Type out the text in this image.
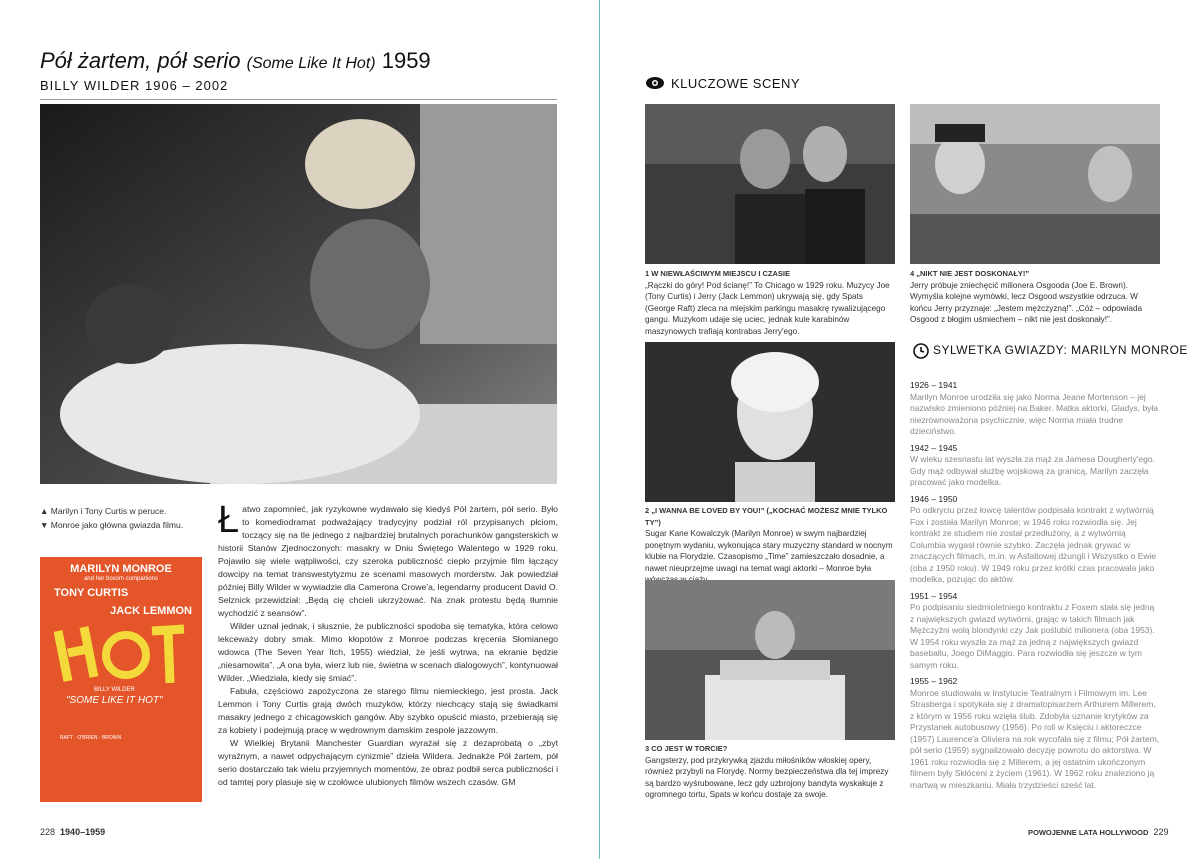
Pół żartem, pół serio (Some Like It Hot) 1959
BILLY WILDER 1906 – 2002
▲ Marilyn i Tony Curtis w peruce.
▼ Monroe jako główna gwiazda filmu.
MARILYN MONROE
and her bosom companions
TONY CURTIS
JACK LEMMON
BILLY WILDER
"SOME LIKE IT HOT"
RAFT · O'BRIEN · BROWN

Łatwo zapomnieć, jak ryzykowne wydawało się kiedyś Pół żartem, pół serio. Było to komediodramat podważający tradycyjny podział ról przypisanych płciom, toczący się na tle jednego z najbardziej brutalnych porachunków gangsterskich w historii Stanów Zjednoczonych: masakry w Dniu Świętego Walentego w 1929 roku. Pojawiło się wiele wątpliwości, czy szeroka publiczność ciepło przyjmie film łączący dowcipy na temat transwestytyzmu ze scenami masowych morderstw. Jak powiedział później Billy Wilder w wywiadzie dla Camerona Crowe'a, legendarny producent David O. Selznick przewidział: „Będą cię chcieli ukrzyżować. Na znak protestu będą tłumnie wychodzić z seansów”.

Wilder uznał jednak, i słusznie, że publiczności spodoba się tematyka, która celowo lekceważy dobry smak. Mimo kłopotów z Monroe podczas kręcenia Słomianego wdowca (The Seven Year Itch, 1955) wiedział, że jeśli wytrwa, na ekranie będzie „niesamowita”. „A ona była, wierz lub nie, świetna w scenach dialogowych”, kontynuował Wilder. „Wiedziała, kiedy się śmiać”.

Fabuła, częściowo zapożyczona ze starego filmu niemieckiego, jest prosta. Jack Lemmon i Tony Curtis grają dwóch muzyków, którzy niechcący stają się świadkami masakry jednego z chicagowskich gangów. Aby szybko opuścić miasto, przebierają się za kobiety i podejmują pracę w wędrownym damskim zespole jazzowym.

W Wielkiej Brytanii Manchester Guardian wyrażał się z dezaprobatą o „zbyt wyraźnym, a nawet odpychającym cynizmie” dzieła Wildera. Jednakże Pół żartem, pół serio dostarczało tak wielu przyjemnych momentów, że obraz podbił serca publiczności i od tamtej pory plasuje się w czołówce ulubionych filmów wszech czasów. GM

228 1940–1959
KLUCZOWE SCENY
1 W NIEWŁAŚCIWYM MIEJSCU I CZASIE
„Rączki do góry! Pod ścianę!” To Chicago w 1929 roku. Muzycy Joe (Tony Curtis) i Jerry (Jack Lemmon) ukrywają się, gdy Spats (George Raft) zleca na miejskim parkingu masakrę rywalizującego gangu. Muzykom udaje się uciec, jednak kule karabinów maszynowych trafiają kontrabas Jerry'ego.
4 „NIKT NIE JEST DOSKONAŁY!”
Jerry próbuje zniechęcić milionera Osgooda (Joe E. Brown). Wymyśla kolejne wymówki, lecz Osgood wszystkie odrzuca. W końcu Jerry przyznaje: „Jestem mężczyzną!”. „Cóż – odpowiada Osgood z błogim uśmiechem – nikt nie jest doskonały!”.
2 „I WANNA BE LOVED BY YOU!” („KOCHAĆ MOŻESZ MNIE TYLKO TY”)
Sugar Kane Kowalczyk (Marilyn Monroe) w swym najbardziej ponętnym wydaniu, wykonująca stary muzyczny standard w nocnym klubie na Florydzie. Czasopismo „Time” zamieszczało dosadnie, a nawet nieuprzejme uwagi na temat wagi aktorki – Monroe była
3 CO JEST W TORCIE?
Gangsterzy, pod przykrywką zjazdu miłośników włoskiej opery, również przybyli na Florydę. Normy bezpieczeństwa dla tej imprezy są bardzo wyśrubowane, lecz gdy uzbrojony bandyta wyskakuje z ogromnego tortu, Spats w końcu dostaje za swoje.
SYLWETKA GWIAZDY: MARILYN MONROE
1926 – 1941
Marilyn Monroe urodziła się jako Norma Jeane Mortenson – jej nazwisko zmieniono później na Baker. Matka aktorki, Gladys, była niezrównoważona psychicznie, więc Norma miała trudne dzieciństwo.
1942 – 1945
W wieku szesnastu lat wyszła za mąż za Jamesa Dougherty'ego. Gdy mąż odbywał służbę wojskową za granicą, Marilyn zaczęła pracować jako modelka.
1946 – 1950
Po odkryciu przez łowcę talentów podpisała kontrakt z wytwórnią Fox i została Marilyn Monroe; w 1946 roku rozwiodła się. Jej kontrakt ze studiem nie został przedłużony, a z wytwórnią Columbia wygasł równie szybko. Zaczęła jednak grywać w znaczących filmach, m.in. w Asfaltowej dżungli i Wszystko o Ewie (oba z 1950 roku). W 1949 roku przez krótki czas pracowała jako modelka, pozując do aktów.
1951 – 1954
Po podpisaniu siedmioletniego kontraktu z Foxem stała się jedną z największych gwiazd wytwórni, grając w takich filmach jak Mężczyźni wolą blondynki czy Jak poślubić milionera (oba 1953). W 1954 roku wyszła za mąż za jedną z największych gwiazd baseballu, Joego DiMaggio. Para rozwiodła się jeszcze w tym samym roku.
1955 – 1962
Monroe studiowała w Instytucie Teatralnym i Filmowym im. Lee Strasberga i spotykała się z dramatopisarzem Arthurem Millerem, z którym w 1956 roku wzięła ślub. Zdobyła uznanie krytyków za Przystanek autobusowy (1956). Po roli w Księciu i aktoreczce (1957) Laurence'a Oliviera na rok wycofała się z filmu; Pół żartem, pół serio (1959) sygnalizowało decyzję powrotu do aktorstwa. W 1961 roku rozwiodła się z Millerem, a jej ostatnim ukończonym filmem były Skłóceni z życiem (1961). W 1962 roku znaleziono ją martwą w mieszkaniu. Miała trzydzieści sześć lat.
POWOJENNE LATA HOLLYWOOD 229
